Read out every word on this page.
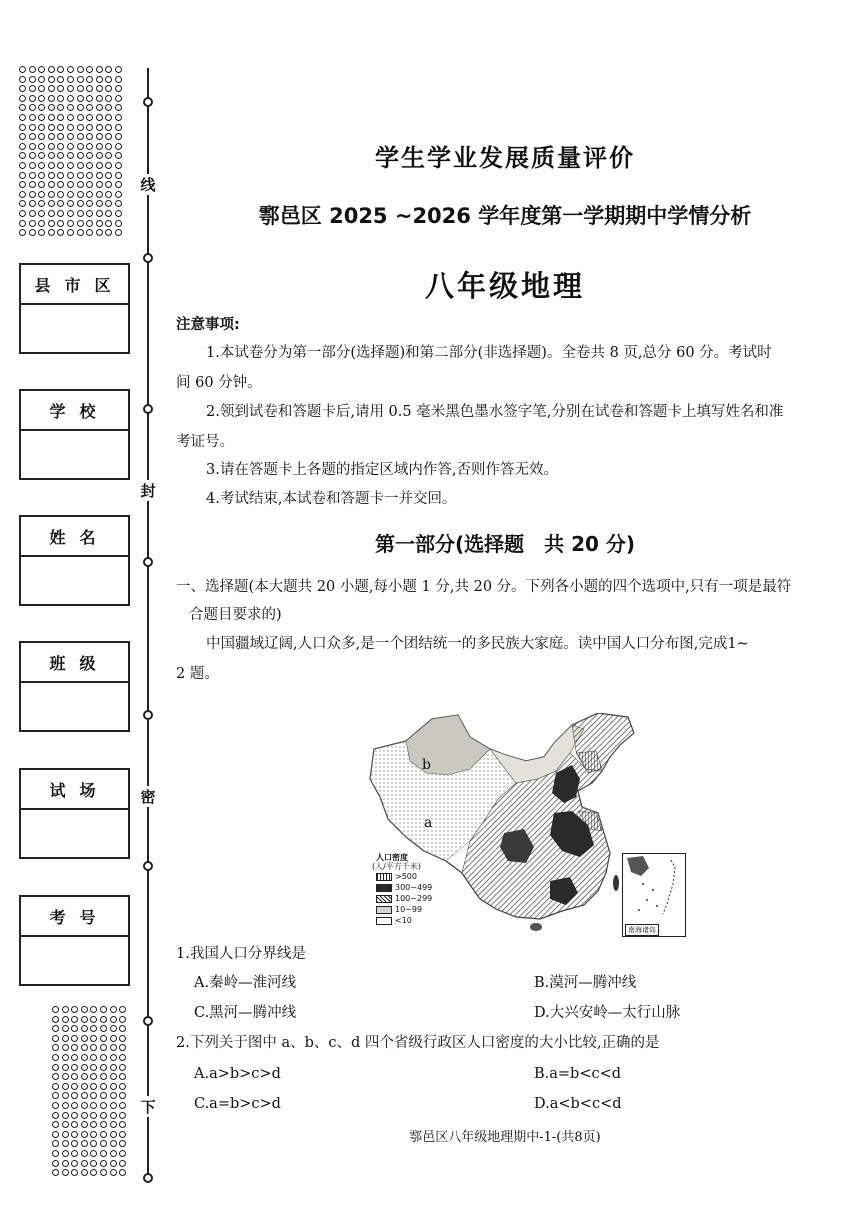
县市区
学校
姓名
班级
试场
考号
线
封
密
下
学生学业发展质量评价
鄠邑区 2025 ~2026 学年度第一学期期中学情分析
八年级地理
注意事项:
1.本试卷分为第一部分(选择题)和第二部分(非选择题)。全卷共 8 页,总分 60 分。考试时
间 60 分钟。
2.领到试卷和答题卡后,请用 0.5 毫米黑色墨水签字笔,分别在试卷和答题卡上填写姓名和准
考证号。
3.请在答题卡上各题的指定区域内作答,否则作答无效。
4.考试结束,本试卷和答题卡一并交回。
第一部分(选择题　共 20 分)
一、选择题(本大题共 20 小题,每小题 1 分,共 20 分。下列各小题的四个选项中,只有一项是最符
合题目要求的)
中国疆域辽阔,人口众多,是一个团结统一的多民族大家庭。读中国人口分布图,完成1~
2 题。
b
a
人口密度
(人/平方千米)
>500
300~499
100~299
10~99
<10
南海诸岛
1.我国人口分界线是
A.秦岭—淮河线	B.漠河—腾冲线
C.黑河—腾冲线	D.大兴安岭—太行山脉
2.下列关于图中 a、b、c、d 四个省级行政区人口密度的大小比较,正确的是
A.a>b>c>d	B.a=b<c<d
C.a=b>c>d	D.a<b<c<d
鄠邑区八年级地理期中-1-(共8页)
